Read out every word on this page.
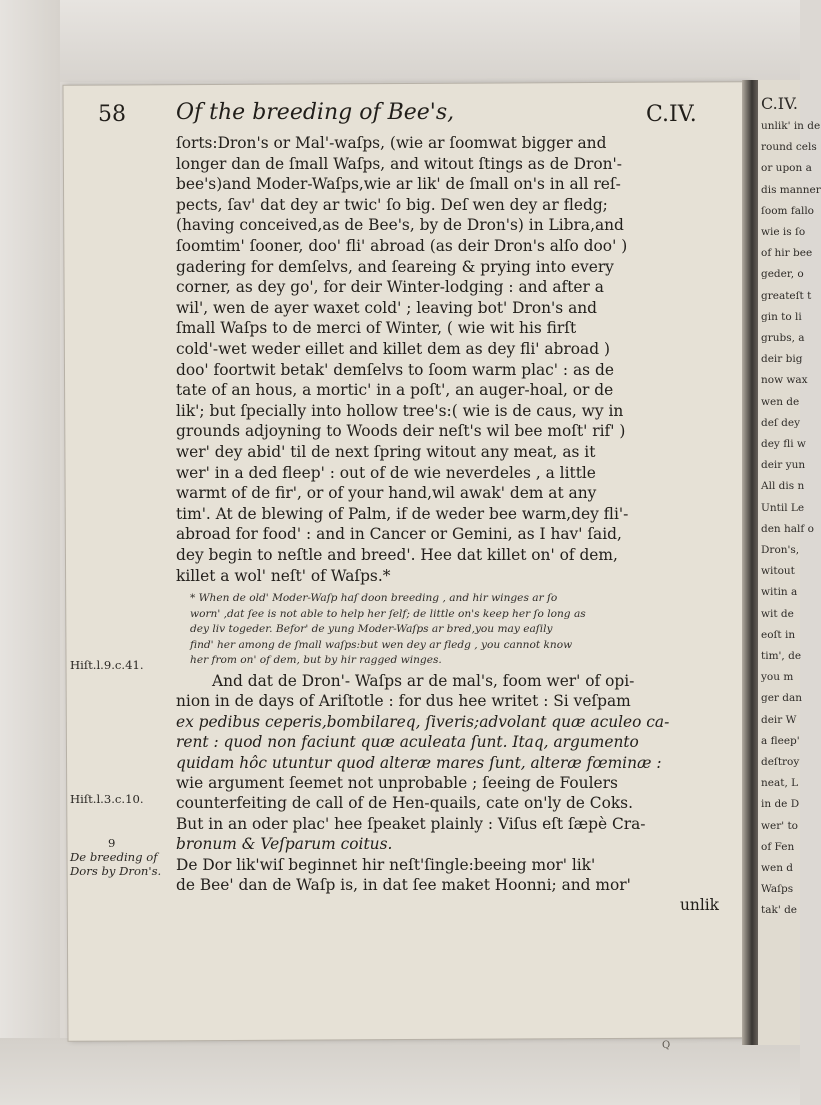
C.IV.
unlik' in de
round cels
or upon a
dis manner
ſoom fallo
wie is ſo
of hir bee
geder, o
greateſt t
gin to li
grubs, a
deir big
now wax
wen de
deſ dey
dey fli w
deir yun
All dis n
Until Le
den half o
Dron's,
witout
witin a
wit de
eoſt in
tim', de
you m
ger dan
deir W
a fleep'
deſtroy
neat, L
in de D
wer' to
of Fen
wen d
Waſps
tak' de
58 Of the breeding of Bee's,	C.IV.
ſorts:Dron's or Mal'-waſps, (wie ar ſoomwat bigger and
longer dan de ſmall Waſps, and witout ſtings as de Dron'-
bee's)and Moder-Waſps,wie ar lik' de ſmall on's in all reſ-
pects, ſav' dat dey ar twic' ſo big. Deſ wen dey ar fledg;
(having conceived,as de Bee's, by de Dron's) in Libra,and
ſoomtim' ſooner, doo' fli' abroad (as deir Dron's alſo doo' )
gadering for demſelvs, and ſeareing & prying into every
corner, as dey go', for deir Winter-lodging : and after a
wil', wen de ayer waxet cold' ; leaving bot' Dron's and
ſmall Waſps to de merci of Winter, ( wie wit his firſt
cold'-wet weder eillet and killet dem as dey fli' abroad )
doo' foortwit betak' demſelvs to ſoom warm plac' : as de
tate of an hous, a mortic' in a poſt', an auger-hoal, or de
lik'; but ſpecially into hollow tree's:( wie is de caus, wy in
grounds adjoyning to Woods deir neſt's wil bee moſt' rif' )
wer' dey abid' til de next ſpring witout any meat, as it
wer' in a ded fleep' : out of de wie neverdeles , a little
warmt of de fir', or of your hand,wil awak' dem at any
tim'. At de blewing of Palm, if de weder bee warm,dey fli'-
abroad for food' : and in Cancer or Gemini, as I hav' ſaid,
dey begin to neſtle and breed'. Hee dat killet on' of dem,
killet a wol' neſt' of Waſps.*
* When de old' Moder-Waſp haſ doon breeding , and hir winges ar ſo
worn' ,dat ſee is not able to help her ſelf; de little on's keep her ſo long as
dey liv togeder. Befor' de yung Moder-Waſps ar bred,you may eaſily
find' her among de ſmall waſps:but wen dey ar fledg , you cannot know
her from on' of dem, but by hir ragged winges.
And dat de Dron'- Waſps ar de mal's, foom wer' of opi-
nion in de days of Ariſtotle : for dus hee writet : Si veſpam
ex pedibus ceperis,bombilareq, ſiveris;advolant quæ aculeo ca-
rent : quod non faciunt quæ aculeata ſunt. Itaq, argumento
quidam hôc utuntur quod alteræ mares ſunt, alteræ fœminæ :
wie argument ſeemet not unprobable ; ſeeing de Foulers
counterfeiting de call of de Hen-quails, cate on'ly de Coks.
But in an oder plac' hee ſpeaket plainly : Viſus eſt ſæpè Cra-
bronum & Veſparum coitus.
De Dor lik'wiſ beginnet hir neſt'ſingle:beeing mor' lik'
de Bee' dan de Waſp is, in dat ſee maket Hoonni; and mor'
unlik
Hiſt.l.9.c.41.
Hiſt.l.3.c.10.
9
De breeding of
Dors by Dron's.
Q
